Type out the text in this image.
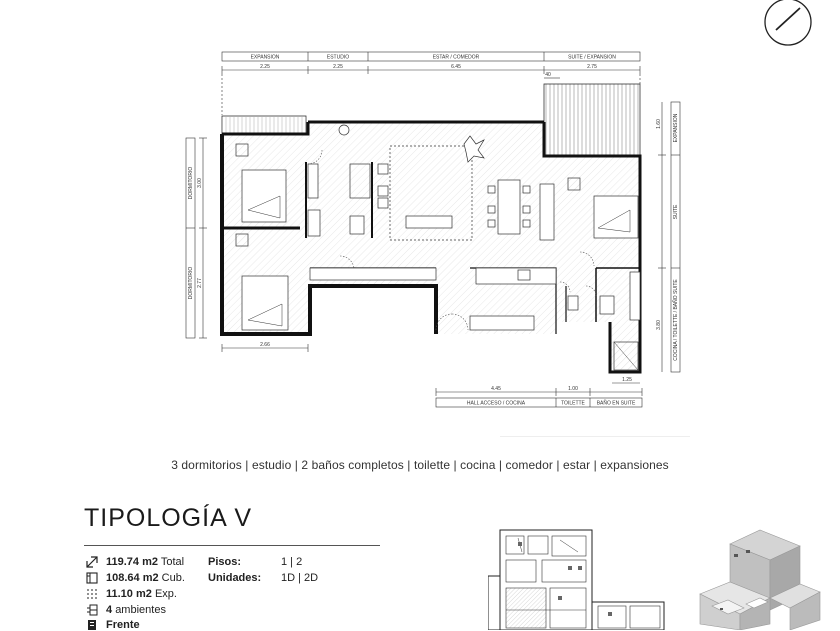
EXPANSION	ESTUDIO	ESTAR / COMEDOR	SUITE / EXPANSION
2.25	2.25	6.45	2.75
40
DORMITORIO
DORMITORIO
3.00
2.77
EXPANSION
SUITE
COCINA / TOILETTE / BAÑO SUITE
1.60
3.80
HALL ACCESO / COCINA	TOILETTE BAÑO EN SUITE
4.45	1.00
1.25
2.66
3 dormitorios | estudio | 2 baños completos | toilette | cocina | comedor | estar | expansiones
TIPOLOGÍA V
119.74 m2 Total
108.64 m2 Cub.
11.10 m2 Exp.
4 ambientes
Frente
Pisos:	1 | 2
Unidades: 1D | 2D
